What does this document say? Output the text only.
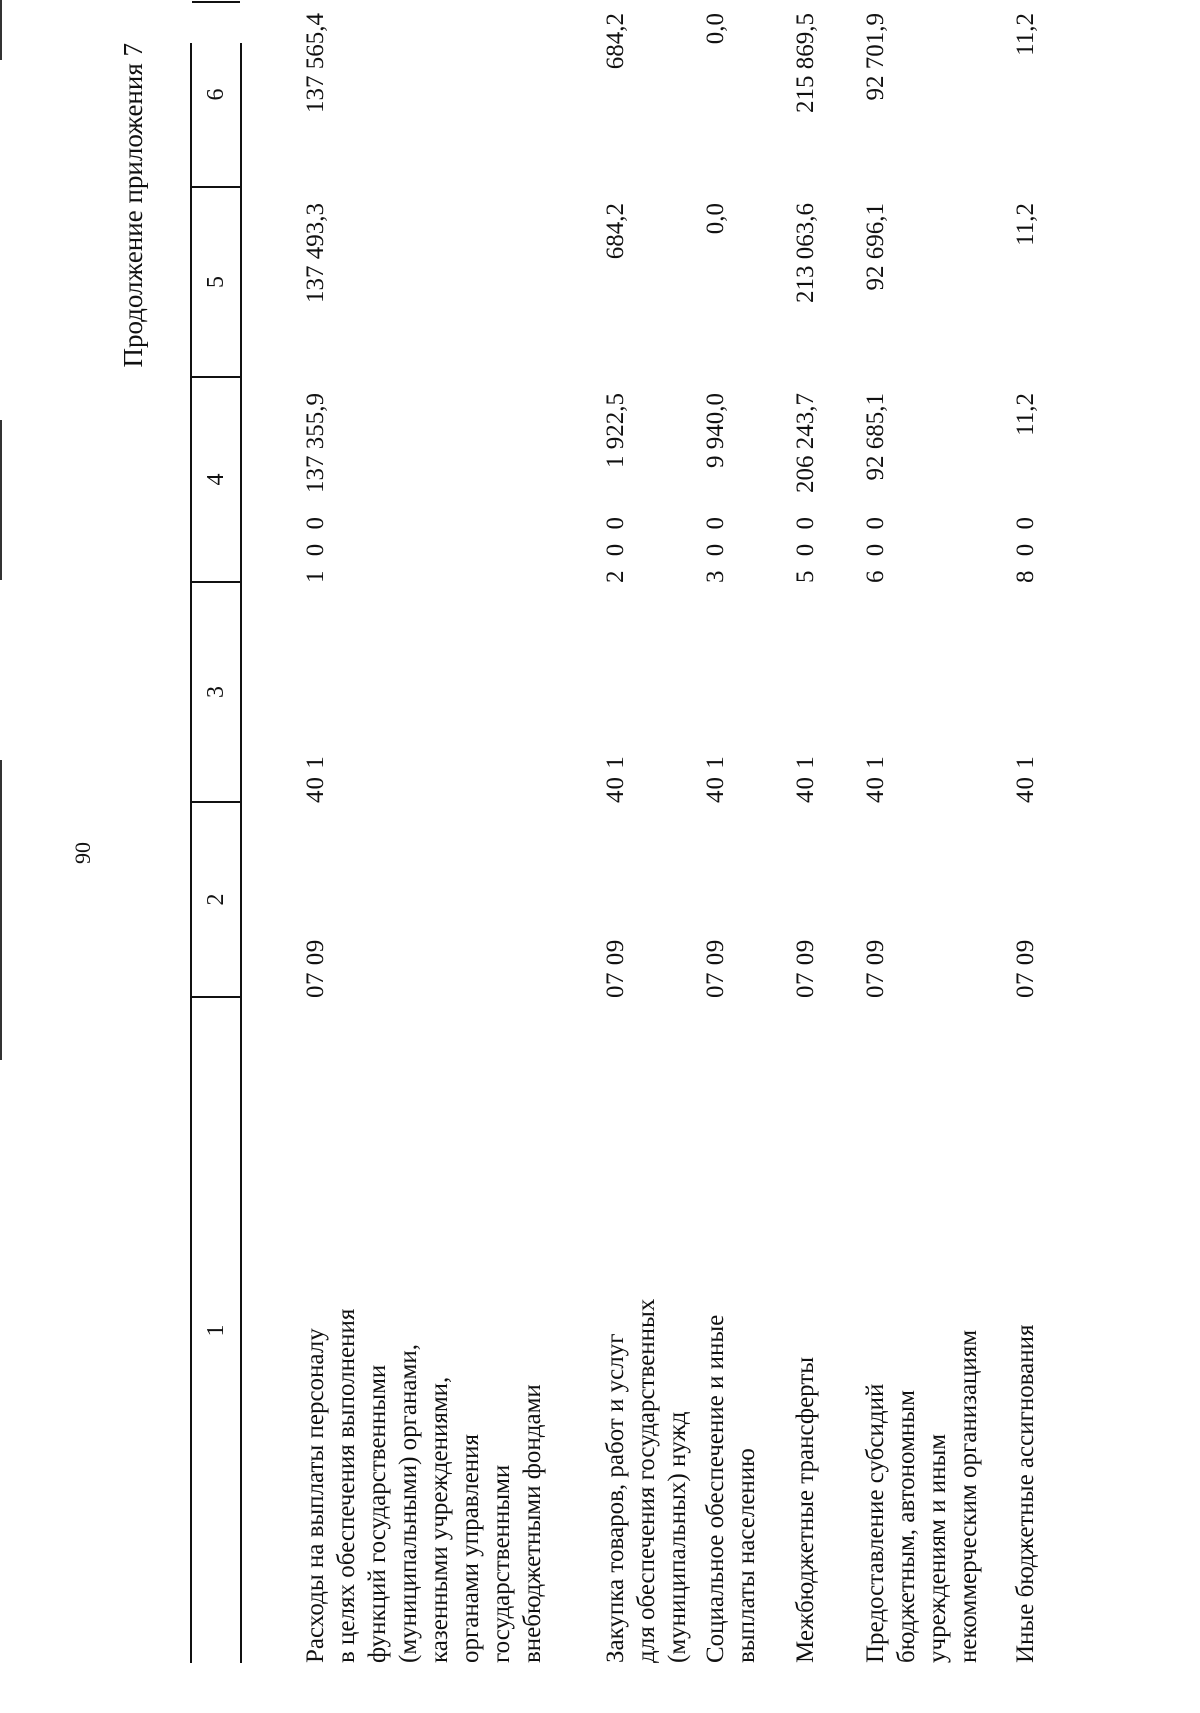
90
Продолжение приложения 7
1
2
3
4
5
6
Расходы на выплаты персоналу в целях обеспечения выполнения функций государственными (муниципальными) органами, казенными учреждениями, органами управления государственными внебюджетными фондами
07 09
40 1
1 0 0
137 355,9
137 493,3
137 565,4
Закупка товаров, работ и услуг для обеспечения государственных (муниципальных) нужд
07 09
40 1
2 0 0
1 922,5
684,2
684,2
Социальное обеспечение и иные выплаты населению
07 09
40 1
3 0 0
9 940,0
0,0
0,0
Межбюджетные трансферты
07 09
40 1
5 0 0
206 243,7
213 063,6
215 869,5
Предоставление субсидий бюджетным, автономным учреждениям и иным некоммерческим организациям
07 09
40 1
6 0 0
92 685,1
92 696,1
92 701,9
Иные бюджетные ассигнования
07 09
40 1
8 0 0
11,2
11,2
11,2
